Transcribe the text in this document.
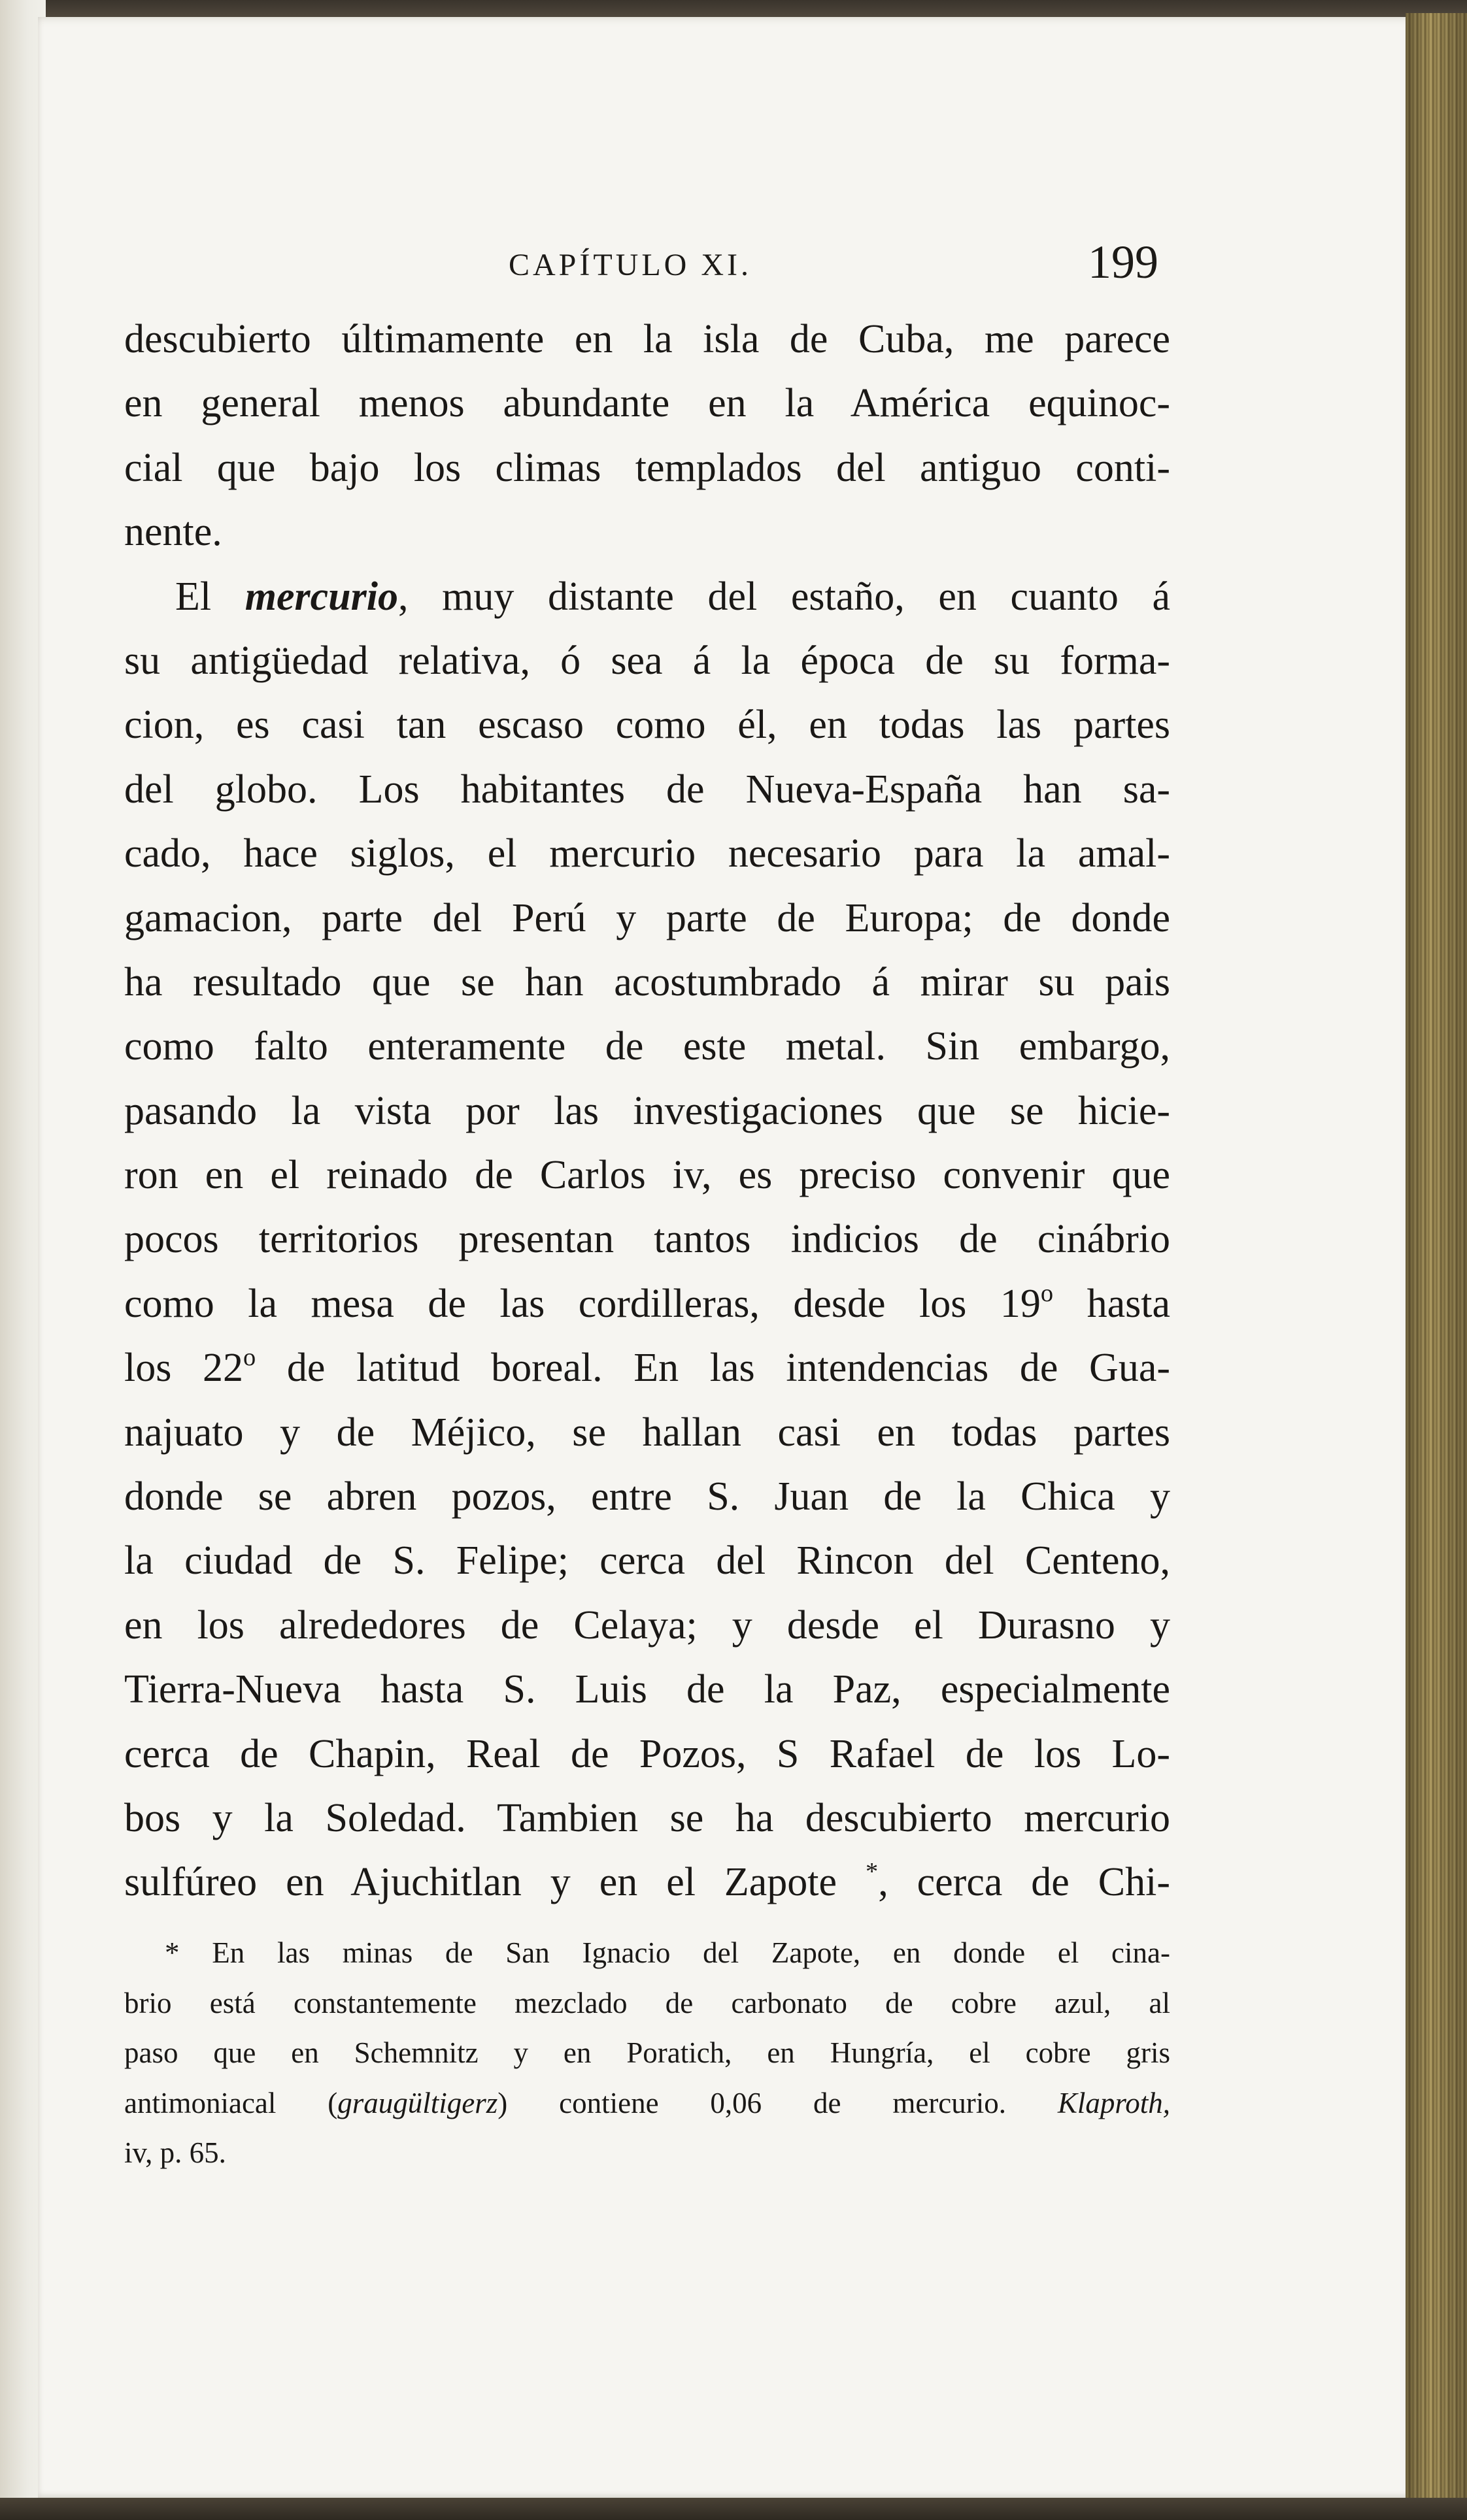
CAPÍTULO XI.	199
descubierto últimamente en la isla de Cuba, me parece
en general menos abundante en la América equinoc-
cial que bajo los climas templados del antiguo conti-
nente.
El mercurio, muy distante del estaño, en cuanto á
su antigüedad relativa, ó sea á la época de su forma-
cion, es casi tan escaso como él, en todas las partes
del globo. Los habitantes de Nueva-España han sa-
cado, hace siglos, el mercurio necesario para la amal-
gamacion, parte del Perú y parte de Europa; de donde
ha resultado que se han acostumbrado á mirar su pais
como falto enteramente de este metal. Sin embargo,
pasando la vista por las investigaciones que se hicie-
ron en el reinado de Carlos iv, es preciso convenir que
pocos territorios presentan tantos indicios de cinábrio
como la mesa de las cordilleras, desde los 19$^o$ hasta
los 22$^o$ de latitud boreal. En las intendencias de Gua-
najuato y de Méjico, se hallan casi en todas partes
donde se abren pozos, entre S. Juan de la Chica y
la ciudad de S. Felipe; cerca del Rincon del Centeno,
en los alrededores de Celaya; y desde el Durasno y
Tierra-Nueva hasta S. Luis de la Paz, especialmente
cerca de Chapin, Real de Pozos, S Rafael de los Lo-
bos y la Soledad. Tambien se ha descubierto mercurio
sulfúreo en Ajuchitlan y en el Zapote *, cerca de Chi-
* En las minas de San Ignacio del Zapote, en donde el cina-
brio está constantemente mezclado de carbonato de cobre azul, al
paso que en Schemnitz y en Poratich, en Hungría, el cobre gris
antimoniacal (graugültigerz) contiene 0,06 de mercurio. Klaproth,
iv, p. 65.
